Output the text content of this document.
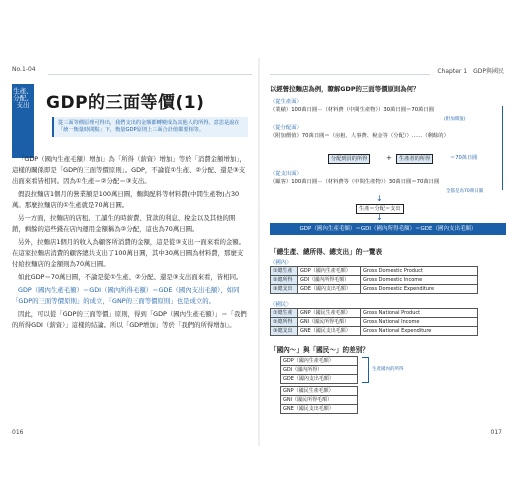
No.1-04
生產、分配、支出 GDP的三面等價(1)
從三面等價原理可得出，我們支出的金額都轉變成為其他人的所得。意思是說在「統一衡量時間點」下，衡量GDP原則上三面合計值都要相等。

「GDP（國內生產毛額）增加」為「所得（薪資）增加」等於「消費金額增加」，這樣的關係即是「GDP的三面等價原則」。GDP，不論從①生產、②分配、還是③支出面來看皆相同。因為①生產＝②分配＝③支出。

假設拉麵店1個月的營業額是100萬日圓，麵與配料等材料費(中間生產物)占30萬。那麼拉麵店的①生產就是70萬日圓。

另一方面，拉麵店的店租、工讀生的時薪費、貸款的利息、稅金以及其他的開銷，剩餘的這些錢在店內運用金額稱為②分配，這也為70萬日圓。

另外，拉麵店1個月的收入為顧客所消費的金額，這是從③支出一面來看的金額。在這家拉麵店消費的顧客總共支出了100萬日圓，其中30萬日圓為材料費，那麼支付給拉麵店的金額則為70萬日圓。

如此GDP＝70萬日圓，不論是從①生產、②分配、還是③支出面來看，皆相同。

GDP（國內生產毛額）＝GDI（國內所得毛額）＝GDE（國內支出毛額），如同「GDP的三面等價原則」的成立，「GNP的三面等價原則」也是成立的。

因此，可以從「GDP的三面等價」原則，得到「GDP（國內生產毛額）」＝「我們的所得GDI（薪資）」這樣的結論。所以「GDP增加」等於「我們的所得增加」。

016
Chapter 1　GDP與國民
以經營拉麵店為例，瞭解GDP的三面等價原則為何？
〈從生產面〉
（業績）100萬日圓－（材料費（中間生產物））30萬日圓＝70萬日圓
(附加價值)
〈從分配面〉
（附加價值）70萬日圓＝（房租、人事費、稅金等（分配））……（剩餘的）
分配到員的所得	+	生產者的所得	＝70萬日圓
〈從支出面〉
（顧客）100萬日圓－（材料費等（中間生產物））30萬日圓＝70萬日圓
全都是為70萬日圓
↓
生產＝分配＝支出
↓
GDP（國內生產毛額）＝GDI（國內所得毛額）＝GDE（國內支出毛額）
「總生產、總所得、總支出」的一覽表
〈國內〉
①總生產	GDP（國內生產毛額）	Gross Domestic Product
②總所得	GDI（國內所得毛額）	Gross Domestic Income
③總支出	GDE（國內支出毛額）	Gross Domestic Expenditure
〈國民〉
①總生產	GNP（國民生產毛額）	Gross National Product
②總所得	GNI（國民所得毛額）	Gross National Income
③總支出	GNE（國民支出毛額）	Gross National Expenditure
「國內～」與「國民～」的差別？
GDP（國內生產毛額）
GDI（國內所得）
GDE（國內支出毛額）
生產國內的所得
GNP（國民生產毛額）
GNI（國民所得毛額）
GNE（國民支出毛額）
017
